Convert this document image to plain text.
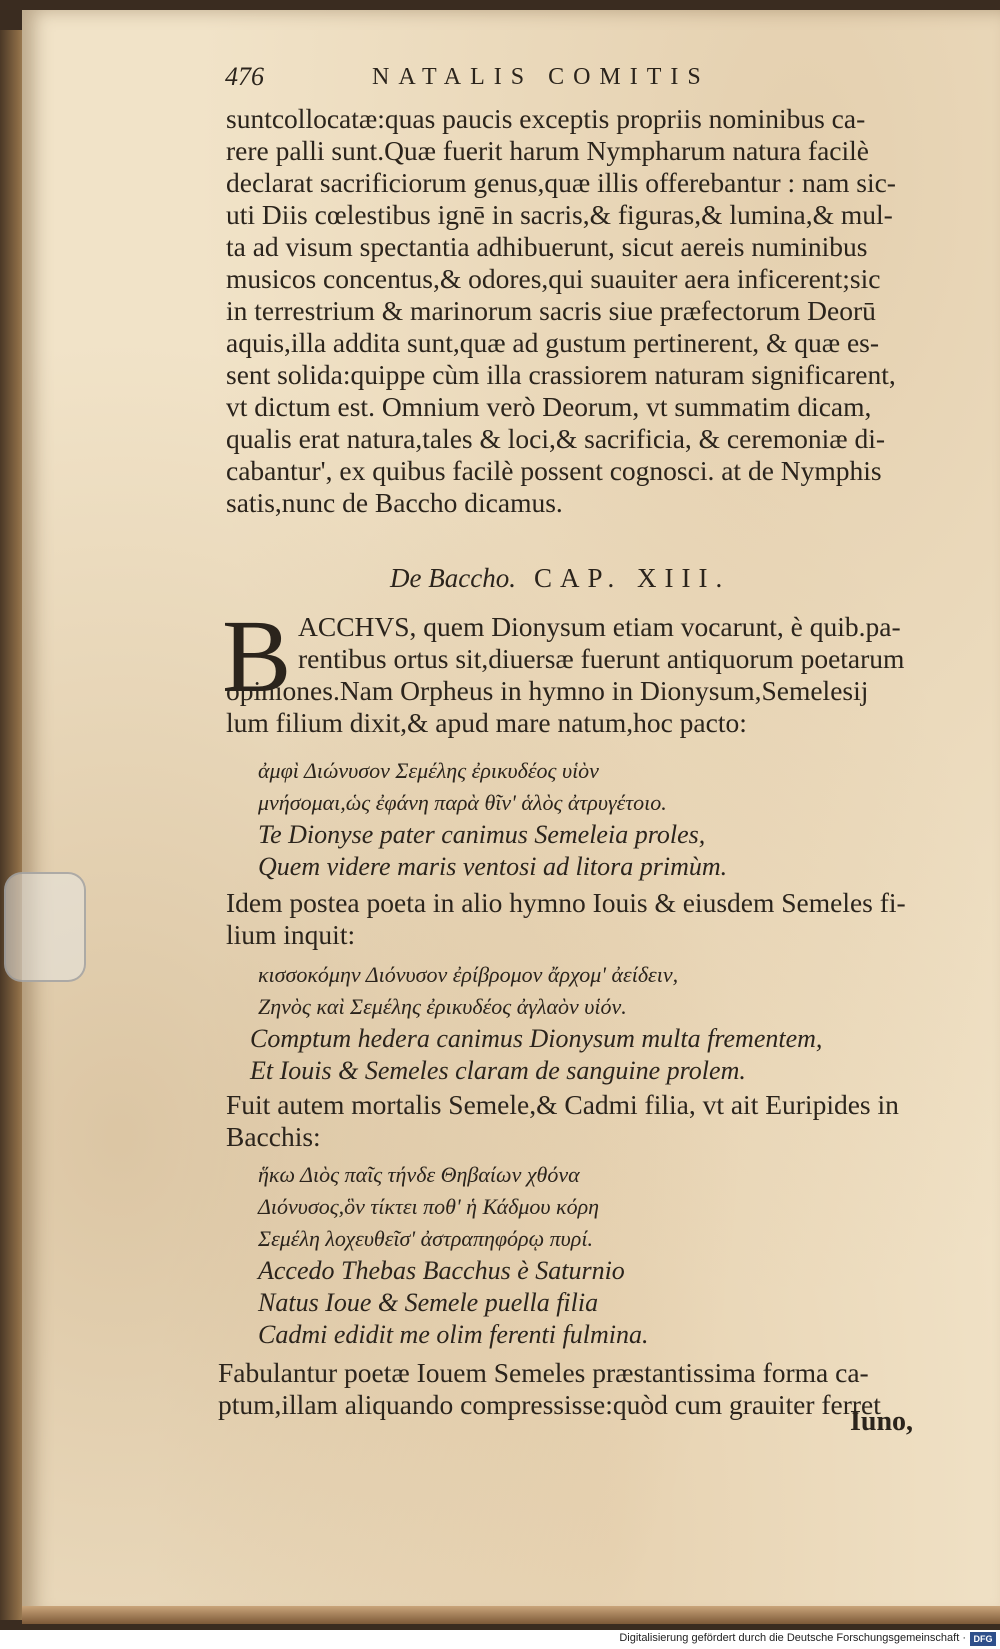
476	NATALIS COMITIS
suntcollocatæ:quas paucis exceptis propriis nominibus ca-
rere palli sunt.Quæ fuerit harum Nympharum natura facilè
declarat sacrificiorum genus,quæ illis offerebantur : nam sic-
uti Diis cœlestibus ignē in sacris,& figuras,& lumina,& mul-
ta ad visum spectantia adhibuerunt, sicut aereis numinibus
musicos concentus,& odores,qui suauiter aera inficerent;sic
in terrestrium & marinorum sacris siue præfectorum Deorū
aquis,illa addita sunt,quæ ad gustum pertinerent, & quæ es-
sent solida:quippe cùm illa crassiorem naturam significarent,
vt dictum est. Omnium verò Deorum, vt summatim dicam,
qualis erat natura,tales & loci,& sacrificia, & ceremoniæ di-
cabantur', ex quibus facilè possent cognosci. at de Nymphis
satis,nunc de Baccho dicamus.
De Baccho. CAP. XIII.
B ACCHVS, quem Dionysum etiam vocarunt, è quib.pa-
rentibus ortus sit,diuersæ fuerunt antiquorum poetarum
opiniones.Nam Orpheus in hymno in Dionysum,Semelesij
lum filium dixit,& apud mare natum,hoc pacto:
ἀμφὶ Διώνυσον Σεμέλης ἐρικυδέος υἱὸν
μνήσομαι,ὡς ἐφάνη παρὰ θῖν' ἁλὸς ἀτρυγέτοιο.
Te Dionyse pater canimus Semeleia proles,
Quem videre maris ventosi ad litora primùm.
Idem postea poeta in alio hymno Iouis & eiusdem Semeles fi-
lium inquit:
κισσοκόμην Διόνυσον ἐρίβρομον ἄρχομ' ἀείδειν,
Ζηνὸς καὶ Σεμέλης ἐρικυδέος ἀγλαὸν υἱόν.
Comptum hedera canimus Dionysum multa frementem,
Et Iouis & Semeles claram de sanguine prolem.
Fuit autem mortalis Semele,& Cadmi filia, vt ait Euripides in
Bacchis:
ἥκω Διὸς παῖς τήνδε Θηβαίων χθόνα
Διόνυσος,ὃν τίκτει ποθ' ἡ Κάδμου κόρη
Σεμέλη λοχευθεῖσ' ἀστραπηφόρῳ πυρί.
Accedo Thebas Bacchus è Saturnio
Natus Ioue & Semele puella filia
Cadmi edidit me olim ferenti fulmina.
Fabulantur poetæ Iouem Semeles præstantissima forma ca-
ptum,illam aliquando compressisse:quòd cum grauiter ferret
Iuno,
Digitalisierung gefördert durch die Deutsche Forschungsgemeinschaft · DFG
